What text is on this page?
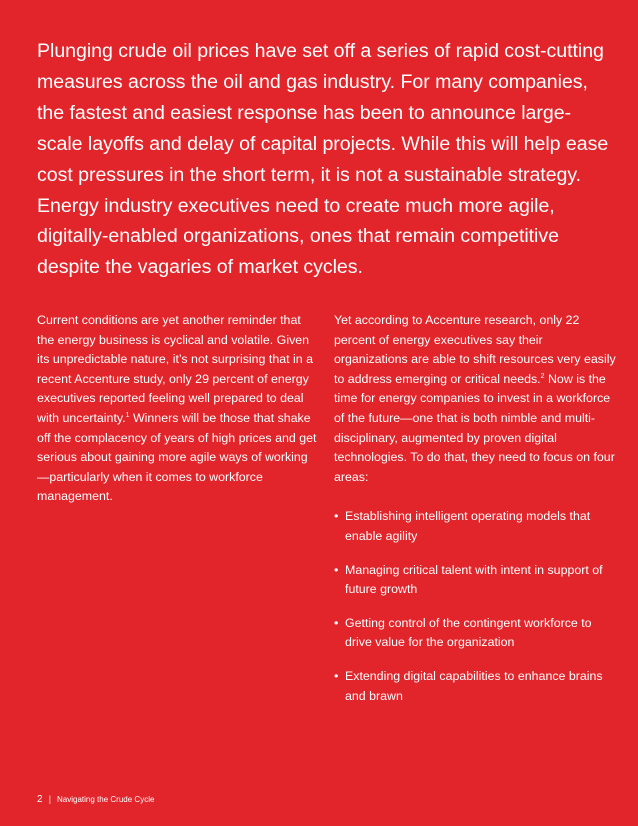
Plunging crude oil prices have set off a series of rapid cost-cutting measures across the oil and gas industry. For many companies, the fastest and easiest response has been to announce large-scale layoffs and delay of capital projects. While this will help ease cost pressures in the short term, it is not a sustainable strategy. Energy industry executives need to create much more agile, digitally-enabled organizations, ones that remain competitive despite the vagaries of market cycles.

Current conditions are yet another reminder that the energy business is cyclical and volatile. Given its unpredictable nature, it’s not surprising that in a recent Accenture study, only 29 percent of energy executives reported feeling well prepared to deal with uncertainty.$^1$ Winners will be those that shake off the complacency of years of high prices and get serious about gaining more agile ways of working—particularly when it comes to workforce management.

Yet according to Accenture research, only 22 percent of energy executives say their organizations are able to shift resources very easily to address emerging or critical needs.$^2$ Now is the time for energy companies to invest in a workforce of the future—one that is both nimble and multi-disciplinary, augmented by proven digital technologies. To do that, they need to focus on four areas:

• Establishing intelligent operating models that enable agility
• Managing critical talent with intent in support of future growth
• Getting control of the contingent workforce to drive value for the organization
• Extending digital capabilities to enhance brains and brawn
2 | Navigating the Crude Cycle
